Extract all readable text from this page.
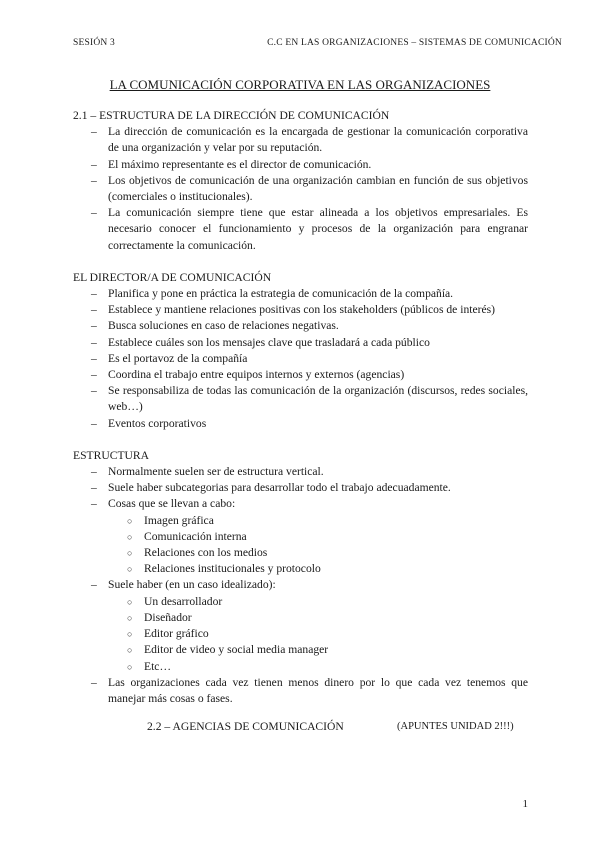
SESIÓN 3	C.C EN LAS ORGANIZACIONES – SISTEMAS DE COMUNICACIÓN
LA COMUNICACIÓN CORPORATIVA EN LAS ORGANIZACIONES

2.1 – ESTRUCTURA DE LA DIRECCIÓN DE COMUNICACIÓN

– La dirección de comunicación es la encargada de gestionar la comunicación corporativa de una organización y velar por su reputación.
– El máximo representante es el director de comunicación.
– Los objetivos de comunicación de una organización cambian en función de sus objetivos (comerciales o institucionales).
– La comunicación siempre tiene que estar alineada a los objetivos empresariales. Es necesario conocer el funcionamiento y procesos de la organización para engranar correctamente la comunicación.

EL DIRECTOR/A DE COMUNICACIÓN

– Planifica y pone en práctica la estrategia de comunicación de la compañía.
– Establece y mantiene relaciones positivas con los stakeholders (públicos de interés)
– Busca soluciones en caso de relaciones negativas.
– Establece cuáles son los mensajes clave que trasladará a cada público
– Es el portavoz de la compañía
– Coordina el trabajo entre equipos internos y externos (agencias)
– Se responsabiliza de todas las comunicación de la organización (discursos, redes sociales, web…)
– Eventos corporativos

ESTRUCTURA

– Normalmente suelen ser de estructura vertical.
– Suele haber subcategorias para desarrollar todo el trabajo adecuadamente.
– Cosas que se llevan a cabo:
○ Imagen gráfica
○ Comunicación interna
○ Relaciones con los medios
○ Relaciones institucionales y protocolo
– Suele haber (en un caso idealizado):
○ Un desarrollador
○ Diseñador
○ Editor gráfico
○ Editor de video y social media manager
○ Etc…
– Las organizaciones cada vez tienen menos dinero por lo que cada vez tenemos que manejar más cosas o fases.
2.2 – AGENCIAS DE COMUNICACIÓN	(APUNTES UNIDAD 2!!!)
1
